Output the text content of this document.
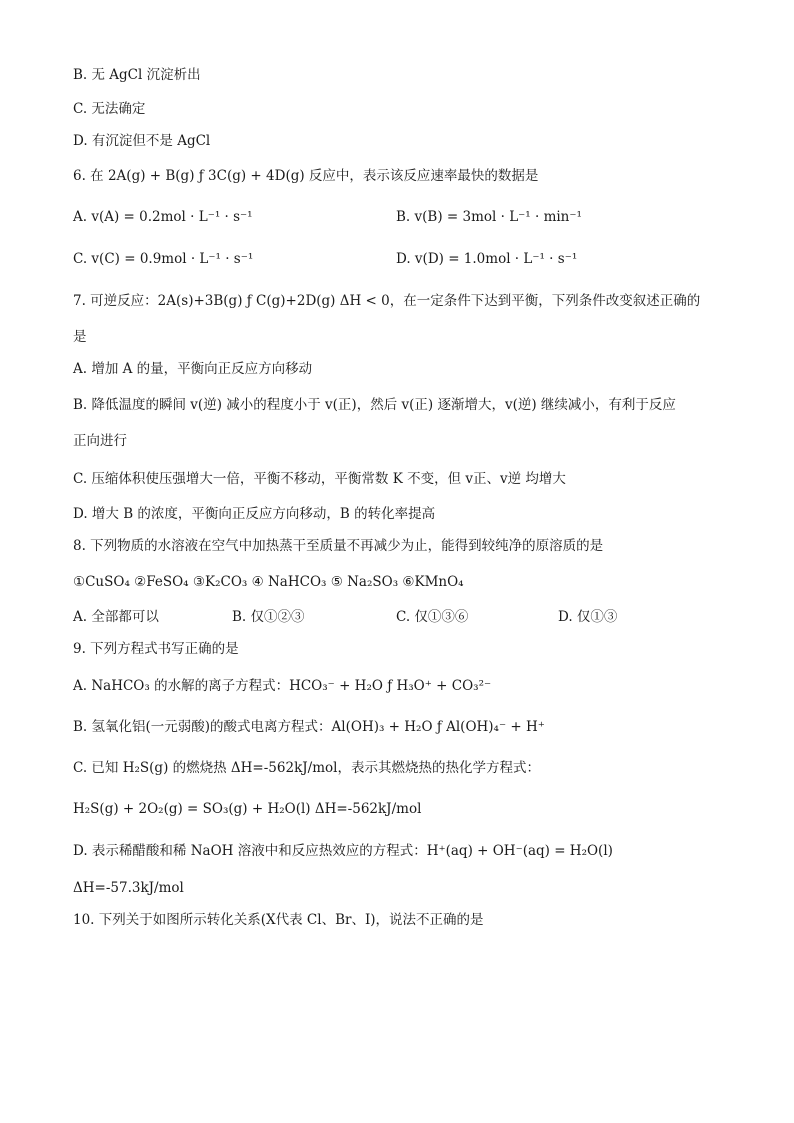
B. 无 AgCl 沉淀析出
C. 无法确定
D. 有沉淀但不是 AgCl
6. 在 2A(g) + B(g) ƒ 3C(g) + 4D(g) 反应中，表示该反应速率最快的数据是
A. v(A) = 0.2mol · L⁻¹ · s⁻¹	B. v(B) = 3mol · L⁻¹ · min⁻¹
C. v(C) = 0.9mol · L⁻¹ · s⁻¹	D. v(D) = 1.0mol · L⁻¹ · s⁻¹
7. 可逆反应：2A(s)+3B(g) ƒ C(g)+2D(g) ΔH < 0，在一定条件下达到平衡，下列条件改变叙述正确的
是
A. 增加 A 的量，平衡向正反应方向移动
B. 降低温度的瞬间 v(逆) 减小的程度小于 v(正)，然后 v(正) 逐渐增大，v(逆) 继续减小，有利于反应
正向进行
C. 压缩体积使压强增大一倍，平衡不移动，平衡常数 K 不变，但 v正、v逆 均增大
D. 增大 B 的浓度，平衡向正反应方向移动，B 的转化率提高
8. 下列物质的水溶液在空气中加热蒸干至质量不再减少为止，能得到较纯净的原溶质的是
①CuSO₄ ②FeSO₄ ③K₂CO₃ ④ NaHCO₃ ⑤ Na₂SO₃ ⑥KMnO₄
A. 全部都可以	B. 仅①②③	C. 仅①③⑥	D. 仅①③
9. 下列方程式书写正确的是
A. NaHCO₃ 的水解的离子方程式：HCO₃⁻ + H₂O ƒ H₃O⁺ + CO₃²⁻
B. 氢氧化铝(一元弱酸)的酸式电离方程式：Al(OH)₃ + H₂O ƒ Al(OH)₄⁻ + H⁺
C. 已知 H₂S(g) 的燃烧热 ΔH=-562kJ/mol，表示其燃烧热的热化学方程式：
H₂S(g) + 2O₂(g) = SO₃(g) + H₂O(l) ΔH=-562kJ/mol
D. 表示稀醋酸和稀 NaOH 溶液中和反应热效应的方程式：H⁺(aq) + OH⁻(aq) = H₂O(l)
ΔH=-57.3kJ/mol
10. 下列关于如图所示转化关系(X代表 Cl、Br、I)，说法不正确的是
